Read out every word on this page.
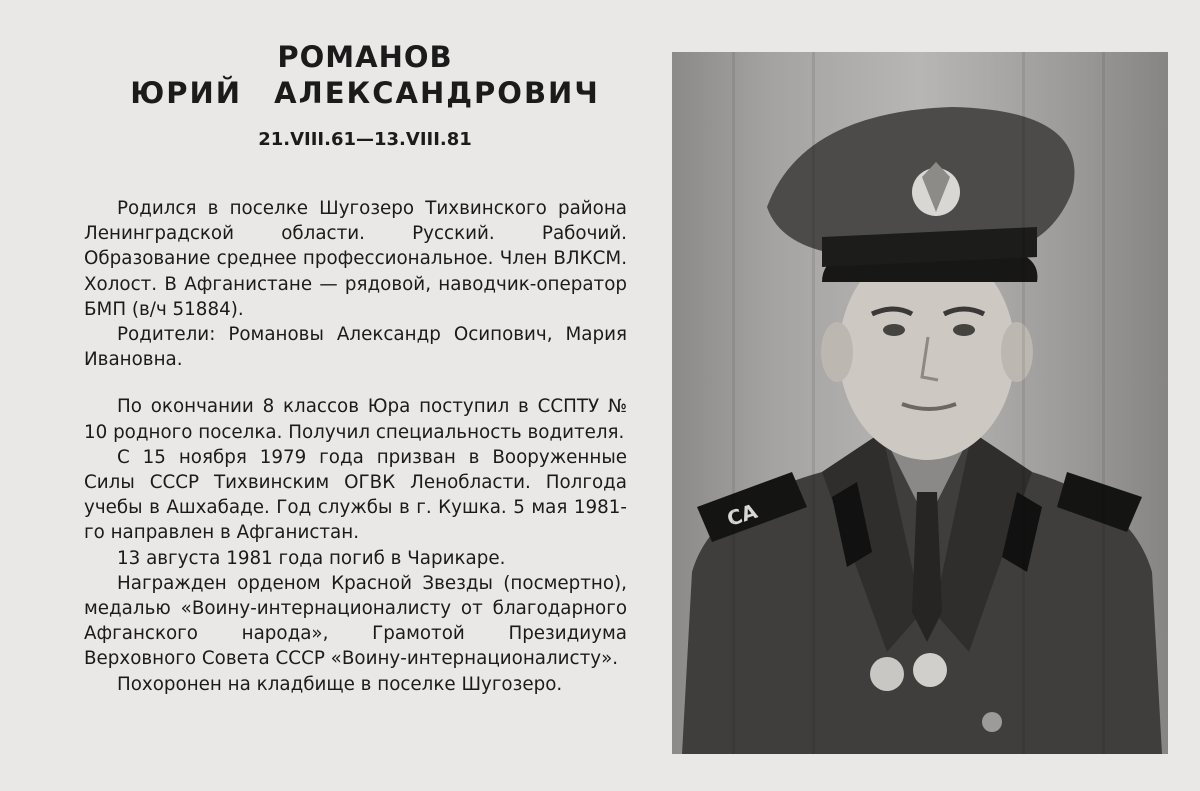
РОМАНОВ
ЮРИЙ АЛЕКСАНДРОВИЧ
21.VIII.61—13.VIII.81

Родился в поселке Шугозеро Тихвинского района Ленинградской области. Русский. Рабочий. Образование среднее профессиональное. Член ВЛКСМ. Холост. В Афганистане — рядовой, наводчик-оператор БМП (в/ч 51884).

Родители: Романовы Александр Осипович, Мария Ивановна.

По окончании 8 классов Юра поступил в ССПТУ № 10 родного поселка. Получил специальность водителя.

С 15 ноября 1979 года призван в Вооруженные Силы СССР Тихвинским ОГВК Ленобласти. Полгода учебы в Ашхабаде. Год службы в г. Кушка. 5 мая 1981-го направлен в Афганистан.

13 августа 1981 года погиб в Чарикаре.

Награжден орденом Красной Звезды (посмертно), медалью «Воину-интернационалисту от благодарного Афганского народа», Грамотой Президиума Верховного Совета СССР «Воину-интернационалисту».

Похоронен на кладбище в поселке Шугозеро.

СА
